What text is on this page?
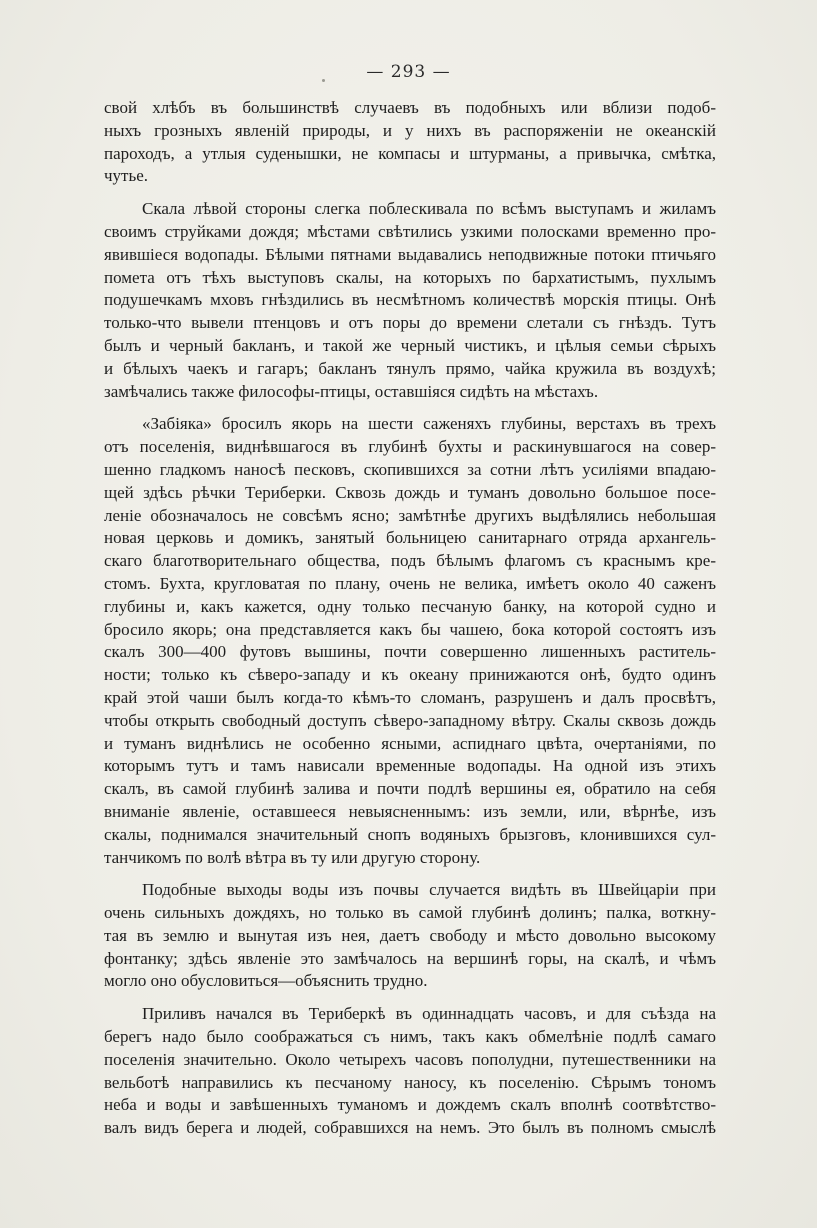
— 293 —
свой хлѣбъ въ большинствѣ случаевъ въ подобныхъ или вблизи подоб-
ныхъ грозныхъ явленій природы, и у нихъ въ распоряженіи не океанскій
пароходъ, а утлыя суденышки, не компасы и штурманы, а привычка, смѣтка,
чутье.
Скала лѣвой стороны слегка поблескивала по всѣмъ выступамъ и жиламъ
своимъ струйками дождя; мѣстами свѣтились узкими полосками временно про-
явившіеся водопады. Бѣлыми пятнами выдавались неподвижные потоки птичьяго
помета отъ тѣхъ выступовъ скалы, на которыхъ по бархатистымъ, пухлымъ
подушечкамъ мховъ гнѣздились въ несмѣтномъ количествѣ морскія птицы. Онѣ
только-что вывели птенцовъ и отъ поры до времени слетали съ гнѣздъ. Тутъ
былъ и черный бакланъ, и такой же черный чистикъ, и цѣлыя семьи сѣрыхъ
и бѣлыхъ чаекъ и гагаръ; бакланъ тянулъ прямо, чайка кружила въ воздухѣ;
замѣчались также философы-птицы, оставшіяся сидѣть на мѣстахъ.
«Забіяка» бросилъ якорь на шести саженяхъ глубины, верстахъ въ трехъ
отъ поселенія, виднѣвшагося въ глубинѣ бухты и раскинувшагося на совер-
шенно гладкомъ наносѣ песковъ, скопившихся за сотни лѣтъ усиліями впадаю-
щей здѣсь рѣчки Териберки. Сквозь дождь и туманъ довольно большое посе-
леніе обозначалось не совсѣмъ ясно; замѣтнѣе другихъ выдѣлялись небольшая
новая церковь и домикъ, занятый больницею санитарнаго отряда архангель-
скаго благотворительнаго общества, подъ бѣлымъ флагомъ съ краснымъ кре-
стомъ. Бухта, кругловатая по плану, очень не велика, имѣетъ около 40 саженъ
глубины и, какъ кажется, одну только песчаную банку, на которой судно и
бросило якорь; она представляется какъ бы чашею, бока которой состоятъ изъ
скалъ 300—400 футовъ вышины, почти совершенно лишенныхъ раститель-
ности; только къ сѣверо-западу и къ океану принижаются онѣ, будто одинъ
край этой чаши былъ когда-то кѣмъ-то сломанъ, разрушенъ и далъ просвѣтъ,
чтобы открыть свободный доступъ сѣверо-западному вѣтру. Скалы сквозь дождь
и туманъ виднѣлись не особенно ясными, аспиднаго цвѣта, очертаніями, по
которымъ тутъ и тамъ нависали временные водопады. На одной изъ этихъ
скалъ, въ самой глубинѣ залива и почти подлѣ вершины ея, обратило на себя
вниманіе явленіе, оставшееся невыясненнымъ: изъ земли, или, вѣрнѣе, изъ
скалы, поднимался значительный снопъ водяныхъ брызговъ, клонившихся сул-
танчикомъ по волѣ вѣтра въ ту или другую сторону.
Подобные выходы воды изъ почвы случается видѣть въ Швейцаріи при
очень сильныхъ дождяхъ, но только въ самой глубинѣ долинъ; палка, воткну-
тая въ землю и вынутая изъ нея, даетъ свободу и мѣсто довольно высокому
фонтанку; здѣсь явленіе это замѣчалось на вершинѣ горы, на скалѣ, и чѣмъ
могло оно обусловиться—объяснить трудно.
Приливъ начался въ Териберкѣ въ одиннадцать часовъ, и для съѣзда на
берегъ надо было соображаться съ нимъ, такъ какъ обмелѣніе подлѣ самаго
поселенія значительно. Около четырехъ часовъ пополудни, путешественники на
вельботѣ направились къ песчаному наносу, къ поселенію. Сѣрымъ тономъ
неба и воды и завѣшенныхъ туманомъ и дождемъ скалъ вполнѣ соотвѣтство-
валъ видъ берега и людей, собравшихся на немъ. Это былъ въ полномъ смыслѣ
